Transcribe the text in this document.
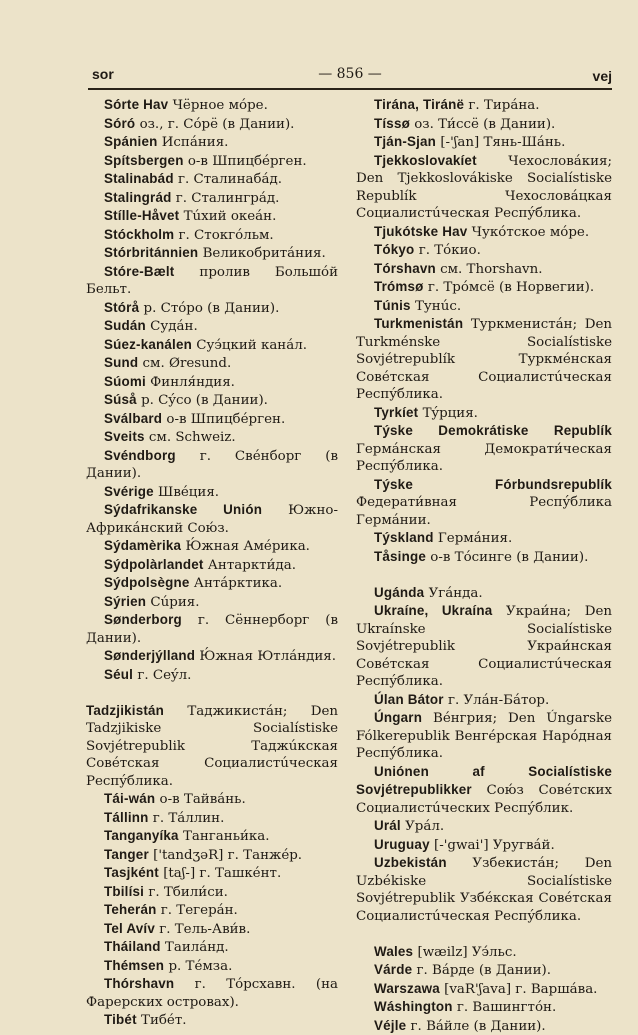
sor	— 856 —	vej
Sórte Hav Чёрное мóре.
Sóró оз., г. Сóрё (в Дании).
Spánien Испáния.
Spítsbergen о-в Шпицбéрген.
Stalinabád г. Сталинабáд.
Stalingrád г. Сталингрáд.
Stílle-Håvet Тúхий океáн.
Stóckholm г. Стокгóльм.
Stórbritánnien Великобритáния.
Stóre-Bælt пролив Большóй Бельт.
Stórå р. Стóро (в Дании).
Sudán Судáн.
Súez-kanálen Суэ́цкий канáл.
Sund см. Øresund.
Súomi Финля́ндия.
Súså р. Сýсо (в Дании).
Sválbard о-в Шпицбéрген.
Sveits см. Schweiz.
Svéndborg г. Свéнборг (в Дании).
Svérige Швéция.
Sýdafrikanske Unión Южно-Африкáнский Сою́з.
Sýdamèrika Ю́жная Амéрика.
Sýdpolàrlandet Антаркти́да.
Sýdpolsègne Антáрктика.
Sýrien Сúрия.
Sønderborg г. Сённерборг (в Дании).
Sønderjýlland Ю́жная Ютлáндия.
Séul г. Сеýл.
Tadzjikistán Таджикистáн; Den Tadzjikiske Socialístiske Sovjétrepublik Таджúкская Совéтская Социалистúческая Респýблика.
Tái-wán о-в Тайвáнь.
Tállinn г. Тáллин.
Tanganyíka Танганьи́ка.
Tanger ['tandʒəR] г. Танжéр.
Tasjként [taʃ-] г. Ташкéнт.
Tbilísi г. Тбили́си.
Teherán г. Тегерáн.
Tel Avív г. Тель-Ави́в.
Tháiland Таилáнд.
Thémsen р. Тéмза.
Thórshavn г. Тóрсхавн. (на Фарерских островах).
Tibét Тибéт.
Tirána, Tiránë г. Тирáна.
Tíssø оз. Ти́ссё (в Дании).
Tján-Sjan [-'ʃan] Тянь-Шáнь.
Tjekkoslovakíet Чехословáкия; Den Tjekkoslovákiske Socialístiske Republík Чехословáцкая Социалистúческая Респýблика.
Tjukótske Hav Чукóтское мóре.
Tókyo г. Тóкио.
Tórshavn см. Thorshavn.
Trómsø г. Трóмсё (в Норвегии).
Túnis Тунúс.
Turkmenistán Туркменистáн; Den Turkménske Socialístiske Sovjétrepublík Туркмéнская Совéтская Социалистúческая Респýблика.
Tyrkíet Тýрция.
Týske Demokrátiske Republík Гермáнская Демократи́ческая Респýблика.
Týske Fórbundsrepublík Федерати́вная Респýблика Гермáнии.
Týskland Гермáния.
Tåsinge о-в Тóсинге (в Дании).
Ugánda Угáнда.
Ukraíne, Ukraína Украи́на; Den Ukraínske Socialístiske Sovjétrepublik Украи́нская Совéтская Социалистúческая Респýблика.
Úlan Bátor г. Улáн-Бáтор.
Úngarn Вéнгрия; Den Úngarske Fólkerepublik Венгéрская Нарóдная Респýблика.
Uniónen af Socialístiske Sovjétrepublikker Сою́з Совéтских Социалистúческих Респýблик.
Urál Урáл.
Uruguay [-'gwai'] Уругвáй.
Uzbekistán Узбекистáн; Den Uzbékiske Socialístiske Sovjétrepublik Узбéкская Совéтская Социалистúческая Респýблика.
Wales [wæilz] Уэ́льс.
Várde г. Вáрде (в Дании).
Warszawa [vaR'ʃava] г. Варшáва.
Wáshington г. Вашингтóн.
Véjle г. Вáйле (в Дании).
